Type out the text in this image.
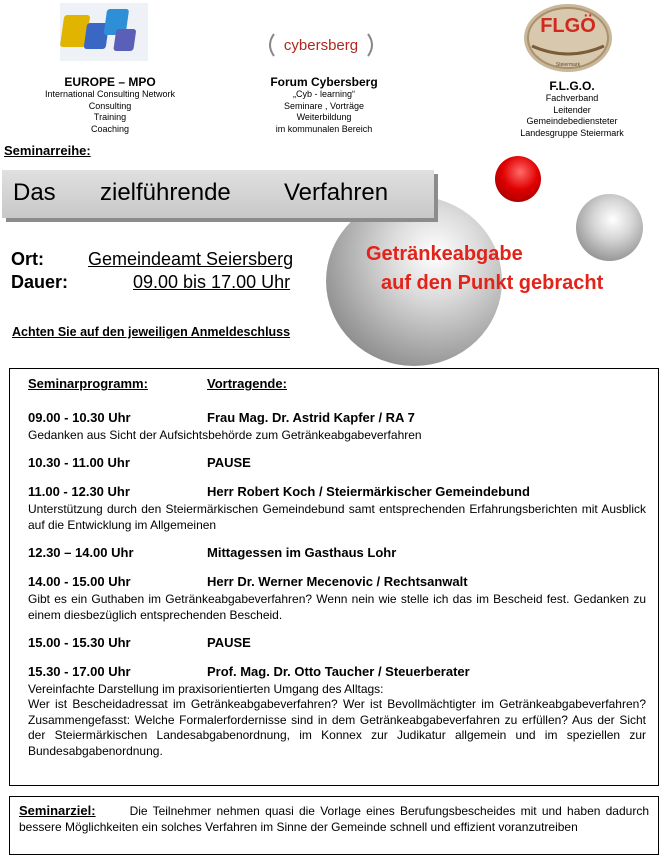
EUROPE – MPO
International Consulting Network
Consulting
Training
Coaching
cybersberg
Forum Cybersberg
„Cyb - learning“
Seminare , Vorträge
Weiterbildung
im kommunalen Bereich
FLGÖ
Steiermark
F.L.G.O.
Fachverband
Leitender
Gemeindebediensteter
Landesgruppe Steiermark
Seminarreihe:
Das zielführende Verfahren
Getränkeabgabe
auf den Punkt gebracht
Ort: Gemeindeamt Seiersberg
Dauer:	09.00 bis 17.00 Uhr
Achten Sie auf den jeweiligen Anmeldeschluss
Seminarprogramm:	Vortragende:
09.00 - 10.30 Uhr	Frau Mag. Dr. Astrid Kapfer / RA 7
Gedanken aus Sicht der Aufsichtsbehörde zum Getränkeabgabeverfahren
10.30 - 11.00 Uhr	PAUSE
11.00 - 12.30 Uhr	Herr Robert Koch / Steiermärkischer Gemeindebund
Unterstützung durch den Steiermärkischen Gemeindebund samt entsprechenden Erfahrungsberichten mit Ausblick auf die Entwicklung im Allgemeinen
12.30 – 14.00 Uhr	Mittagessen im Gasthaus Lohr
14.00 - 15.00 Uhr	Herr Dr. Werner Mecenovic / Rechtsanwalt
Gibt es ein Guthaben im Getränkeabgabeverfahren? Wenn nein wie stelle ich das im Bescheid fest. Gedanken zu einem diesbezüglich entsprechenden Bescheid.
15.00 - 15.30 Uhr	PAUSE
15.30 - 17.00 Uhr	Prof. Mag. Dr. Otto Taucher / Steuerberater
Vereinfachte Darstellung im praxisorientierten Umgang des Alltags:
Wer ist Bescheidadressat im Getränkeabgabeverfahren? Wer ist Bevollmächtigter im Getränkeabgabeverfahren? Zusammengefasst: Welche Formalerfordernisse sind in dem Getränkeabgabeverfahren zu erfüllen? Aus der Sicht der Steiermärkischen Landesabgabenordnung, im Konnex zur Judikatur allgemein und im speziellen zur Bundesabgabenordnung.
Seminarziel:	Die Teilnehmer nehmen quasi die Vorlage eines Berufungsbescheides mit und haben dadurch bessere Möglichkeiten ein solches Verfahren im Sinne der Gemeinde schnell und effizient voranzutreiben
